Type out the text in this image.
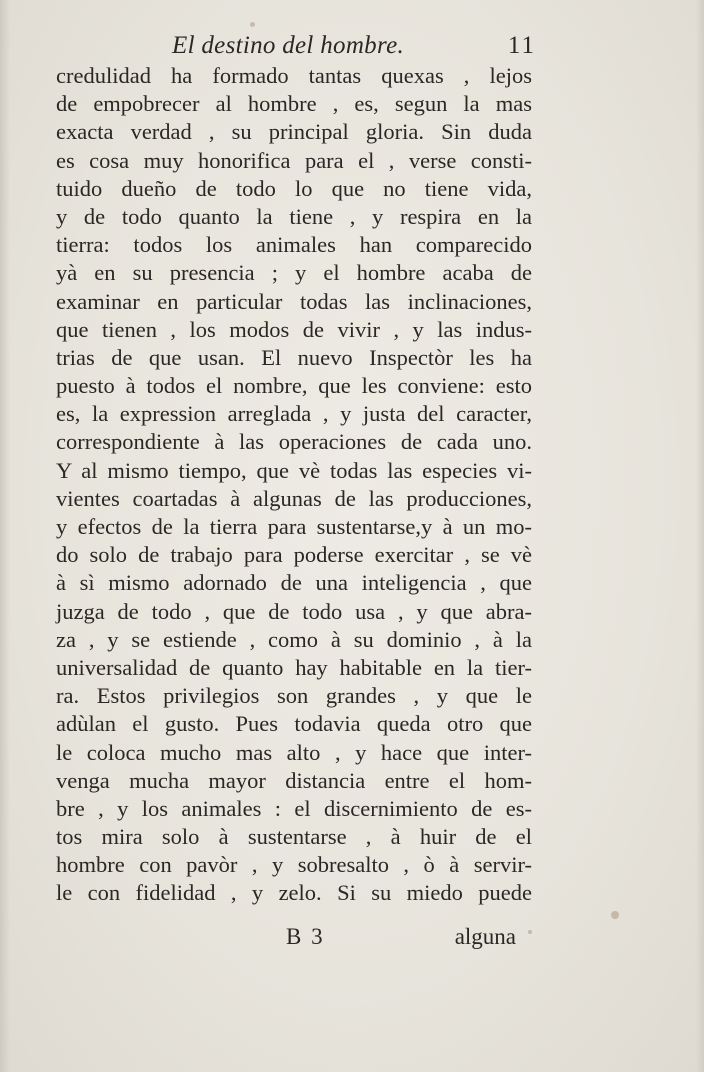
El destino del hombre.	11
credulidad ha formado tantas quexas , lejos
de empobrecer al hombre , es, segun la mas
exacta verdad , su principal gloria. Sin duda
es cosa muy honorifica para el , verse consti-
tuido dueño de todo lo que no tiene vida,
y de todo quanto la tiene , y respira en la
tierra: todos los animales han comparecido
yà en su presencia ; y el hombre acaba de
examinar en particular todas las inclinaciones,
que tienen , los modos de vivir , y las indus-
trias de que usan. El nuevo Inspectòr les ha
puesto à todos el nombre, que les conviene: esto
es, la expression arreglada , y justa del caracter,
correspondiente à las operaciones de cada uno.
Y al mismo tiempo, que vè todas las especies vi-
vientes coartadas à algunas de las producciones,
y efectos de la tierra para sustentarse,y à un mo-
do solo de trabajo para poderse exercitar , se vè
à sì mismo adornado de una inteligencia , que
juzga de todo , que de todo usa , y que abra-
za , y se estiende , como à su dominio , à la
universalidad de quanto hay habitable en la tier-
ra. Estos privilegios son grandes , y que le
adùlan el gusto. Pues todavia queda otro que
le coloca mucho mas alto , y hace que inter-
venga mucha mayor distancia entre el hom-
bre , y los animales : el discernimiento de es-
tos mira solo à sustentarse , à huir de el
hombre con pavòr , y sobresalto , ò à servir-
le con fidelidad , y zelo. Si su miedo puede
B 3	alguna
